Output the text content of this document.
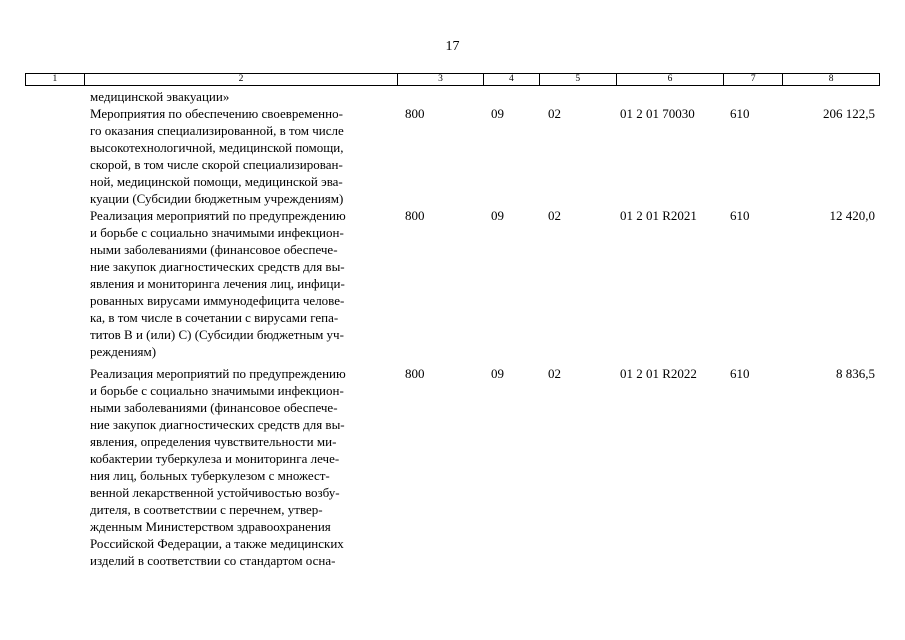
17
1	2	3	4	5	6	7	8
медицинской эвакуации»
Мероприятия по обеспечению своевременно-
го оказания специализированной, в том числе
высокотехнологичной, медицинской помощи,
скорой, в том числе скорой специализирован-
ной, медицинской помощи, медицинской эва-
куации (Субсидии бюджетным учреждениям)
800	09	02	01 2 01 70030	610	206 122,5
Реализация мероприятий по предупреждению
и борьбе с социально значимыми инфекцион-
ными заболеваниями (финансовое обеспече-
ние закупок диагностических средств для вы-
явления и мониторинга лечения лиц, инфици-
рованных вирусами иммунодефицита челове-
ка, в том числе в сочетании с вирусами гепа-
титов B и (или) C) (Субсидии бюджетным уч-
реждениям)
800	09	02	01 2 01 R2021	610	12 420,0
Реализация мероприятий по предупреждению
и борьбе с социально значимыми инфекцион-
ными заболеваниями (финансовое обеспече-
ние закупок диагностических средств для вы-
явления, определения чувствительности ми-
кобактерии туберкулеза и мониторинга лече-
ния лиц, больных туберкулезом с множест-
венной лекарственной устойчивостью возбу-
дителя, в соответствии с перечнем, утвер-
жденным Министерством здравоохранения
Российской Федерации, а также медицинских
изделий в соответствии со стандартом осна-
800	09	02	01 2 01 R2022	610	8 836,5
